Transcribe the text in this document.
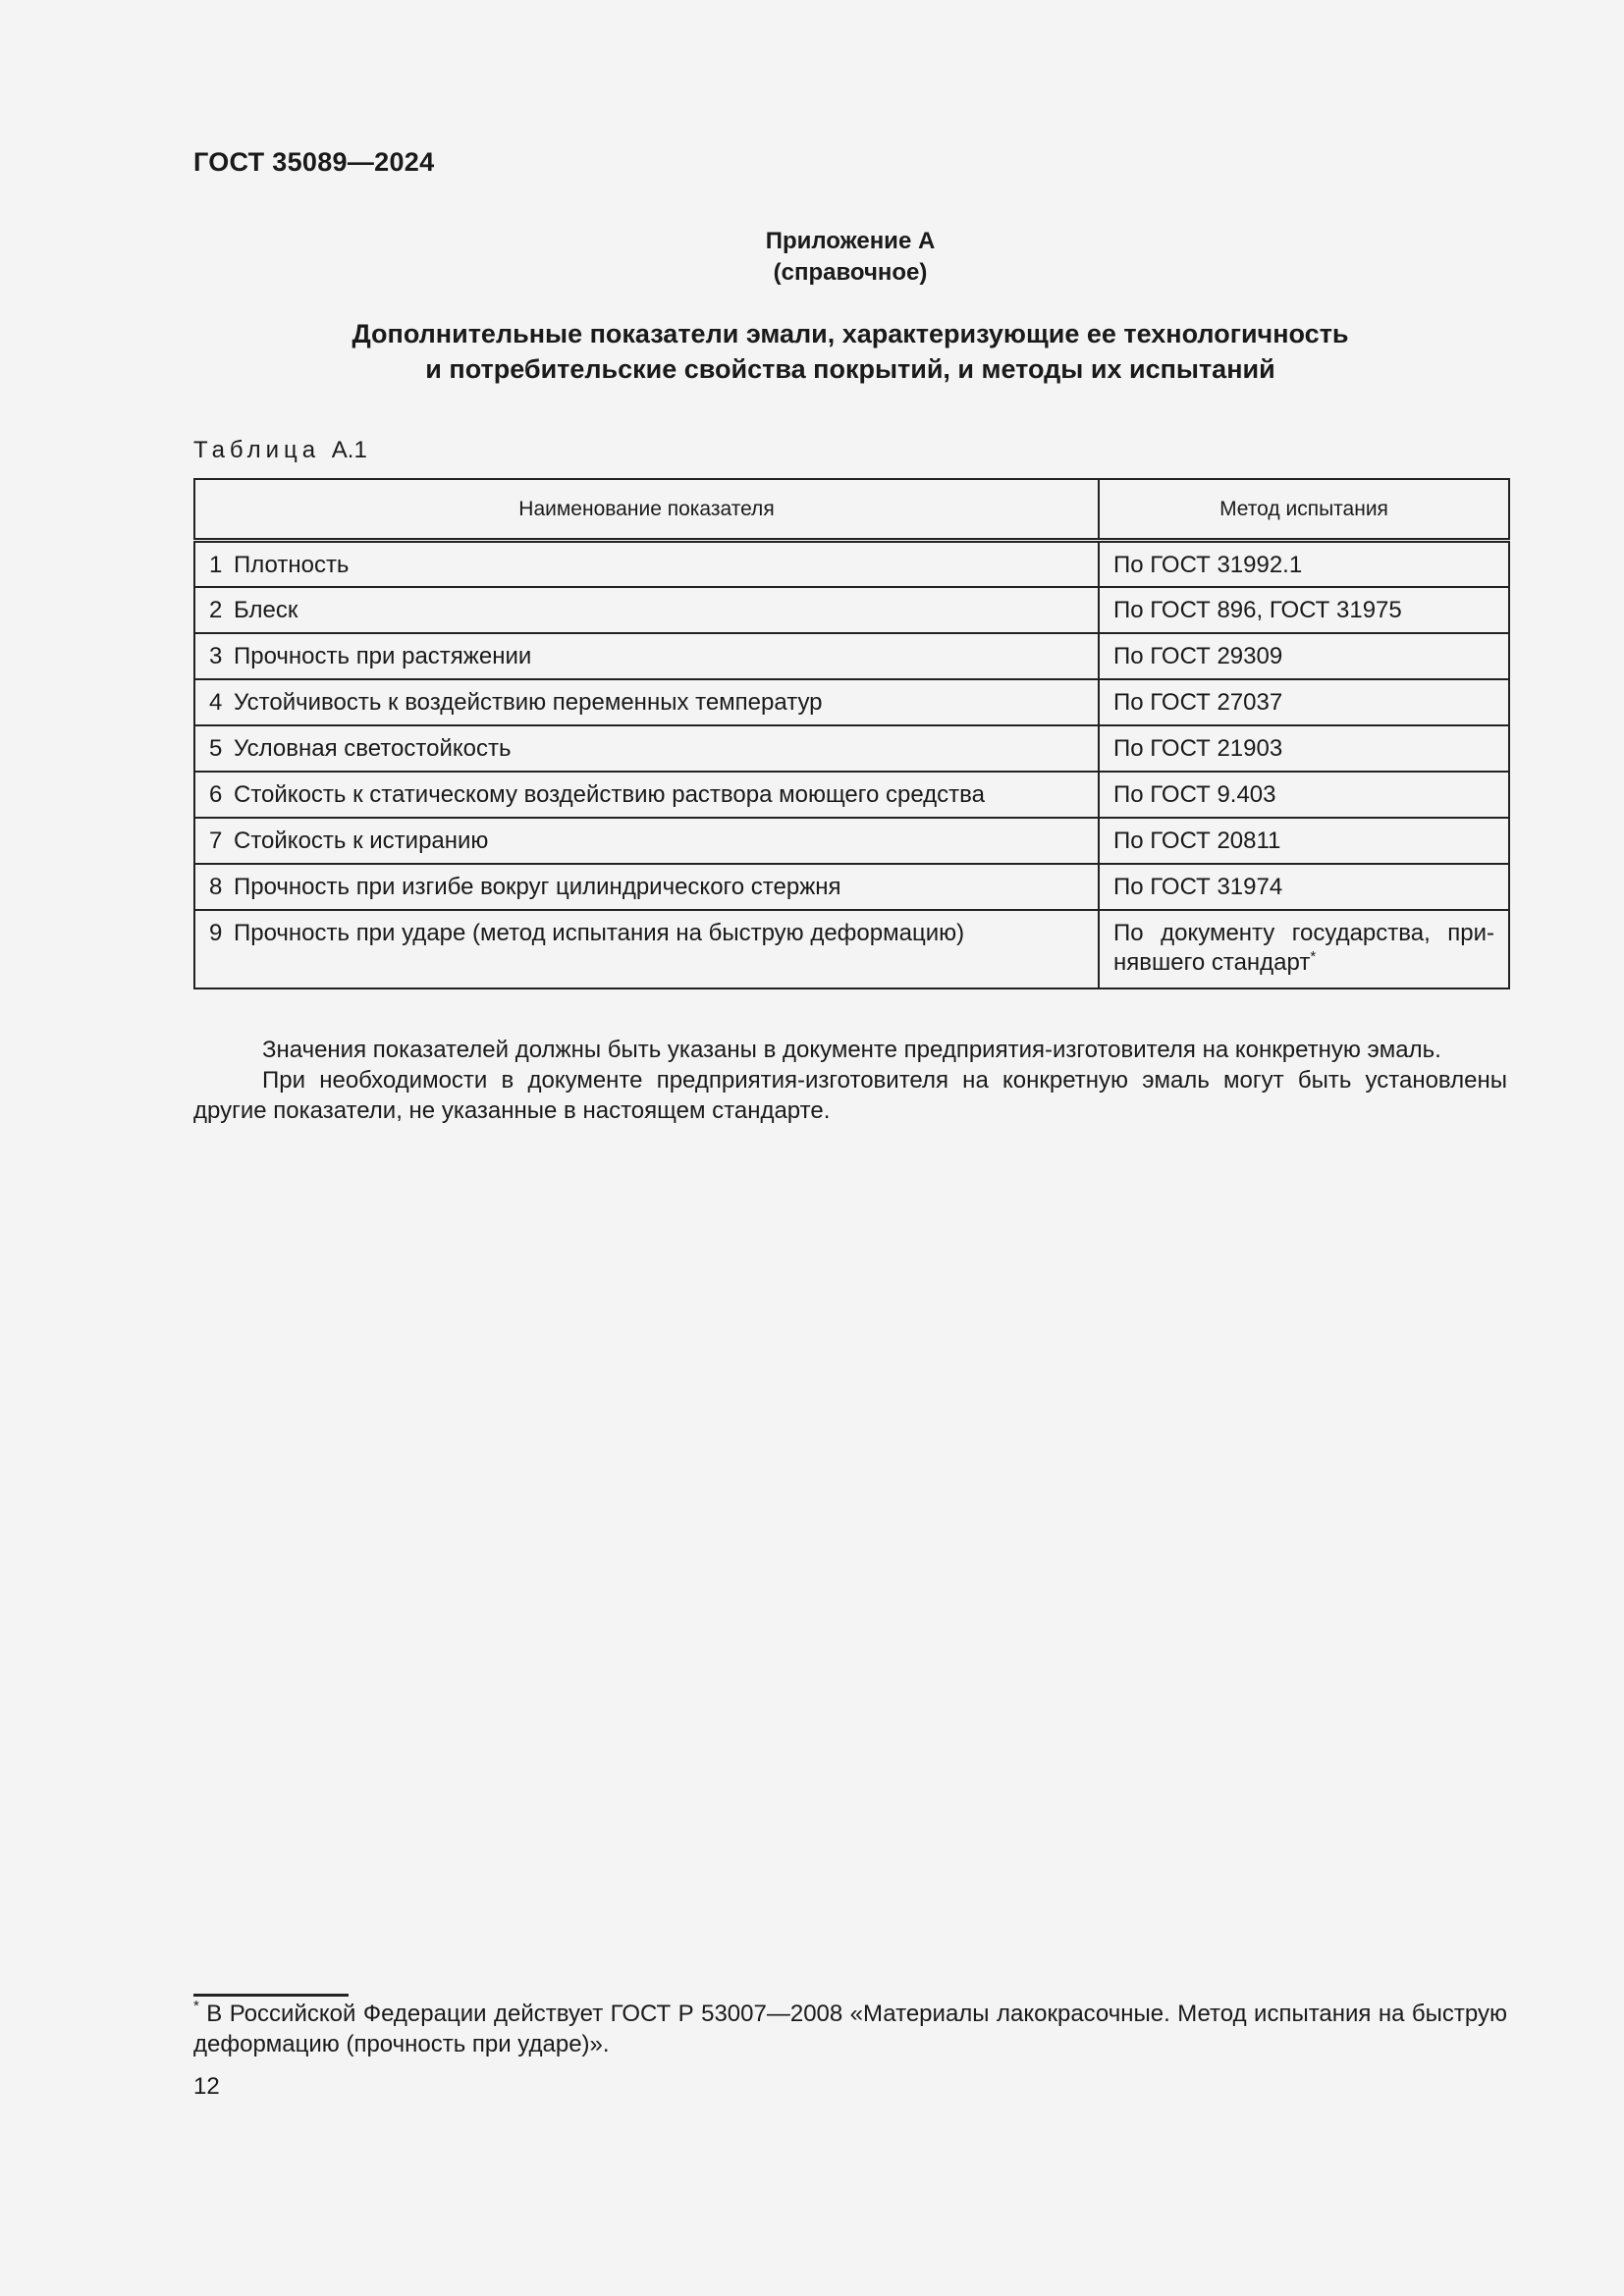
ГОСТ 35089—2024
Приложение А
(справочное)
Дополнительные показатели эмали, характеризующие ее технологичность
и потребительские свойства покрытий, и методы их испытаний
Таблица А.1
Наименование показателя	Метод испытания
1 Плотность	По ГОСТ 31992.1
2 Блеск	По ГОСТ 896, ГОСТ 31975
3 Прочность при растяжении	По ГОСТ 29309
4 Устойчивость к воздействию переменных температур	По ГОСТ 27037
5 Условная светостойкость	По ГОСТ 21903
6 Стойкость к статическому воздействию раствора моющего средства	По ГОСТ 9.403
7 Стойкость к истиранию	По ГОСТ 20811
8 Прочность при изгибе вокруг цилиндрического стержня	По ГОСТ 31974
9 Прочность при ударе (метод испытания на быструю деформацию)	По документу государства, при-нявшего стандарт*

Значения показателей должны быть указаны в документе предприятия-изготовителя на конкретную эмаль.

При необходимости в документе предприятия-изготовителя на конкретную эмаль могут быть установлены другие показатели, не указанные в настоящем стандарте.

* В Российской Федерации действует ГОСТ Р 53007—2008 «Материалы лакокрасочные. Метод испытания на быструю деформацию (прочность при ударе)».
12
